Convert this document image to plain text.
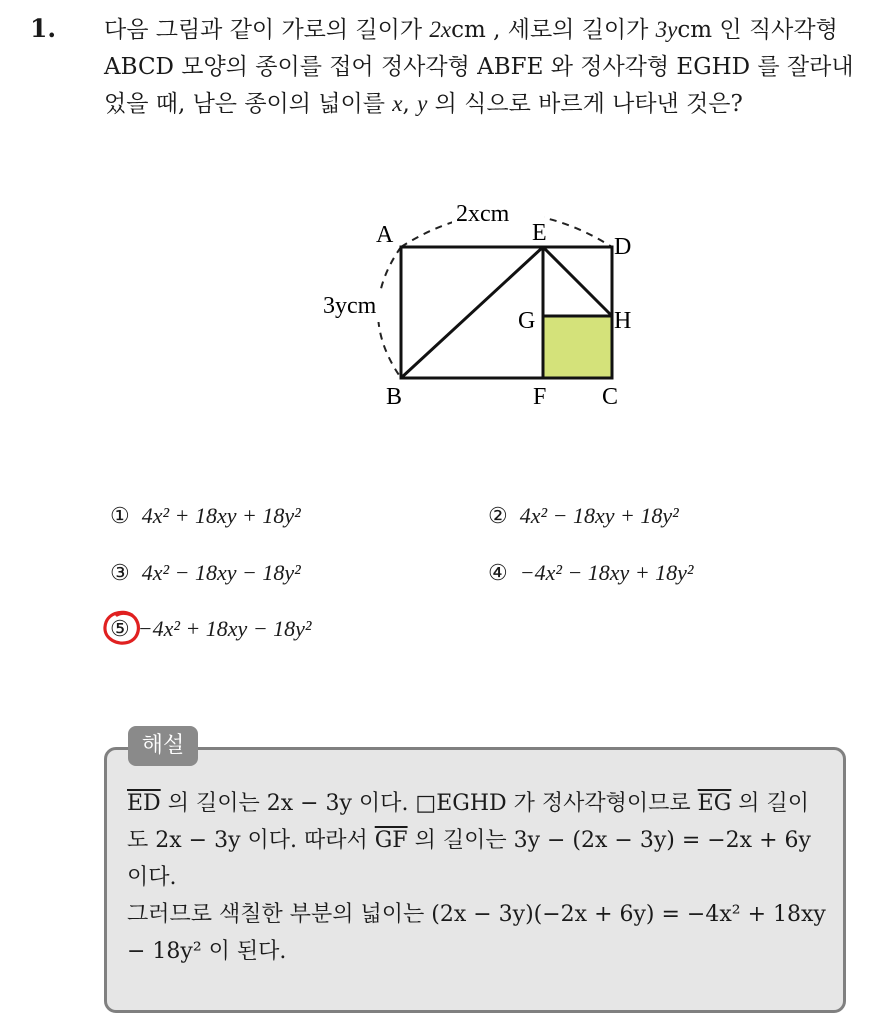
1. 다음 그림과 같이 가로의 길이가 2xcm , 세로의 길이가 3ycm 인 직사각형 ABCD 모양의 종이를 접어 정사각형 ABFE 와 정사각형 EGHD 를 잘라내었을 때, 남은 종이의 넓이를 x, y 의 식으로 바르게 나타낸 것은?
2xcm
3ycm
A
B	C
D
E
F
G	H
① 4x² + 18xy + 18y²	② 4x² − 18xy + 18y²
③ 4x² − 18xy − 18y²	④ −4x² − 18xy + 18y²
⑤ −4x² + 18xy − 18y²
해설
$\overline{ED}$ 의 길이는 2x − 3y 이다. □EGHD 가 정사각형이므로 $\overline{EG}$ 의 길이도 2x − 3y 이다. 따라서 $\overline{GF}$ 의 길이는 3y − (2x − 3y) = −2x + 6y 이다.
그러므로 색칠한 부분의 넓이는 (2x − 3y)(−2x + 6y) = −4x² + 18xy − 18y² 이 된다.
